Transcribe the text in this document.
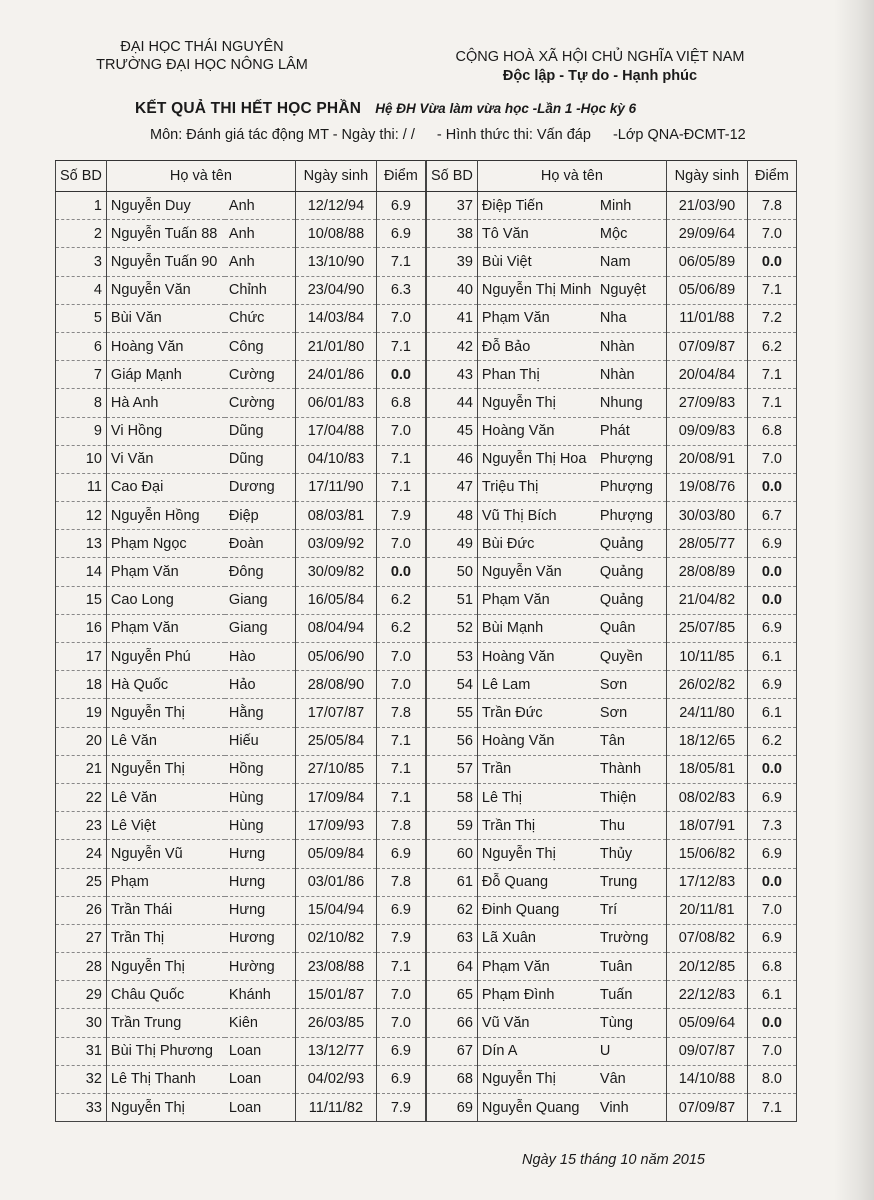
ĐẠI HỌC THÁI NGUYÊN
TRƯỜNG ĐẠI HỌC NÔNG LÂM	CỘNG HOÀ XÃ HỘI CHỦ NGHĨA VIỆT NAM
Độc lập - Tự do - Hạnh phúc
KẾT QUẢ THI HẾT HỌC PHẦN Hệ ĐH Vừa làm vừa học -Lần 1 -Học kỳ 6
Môn: Đánh giá tác động MT - Ngày thi: / / - Hình thức thi: Vấn đáp -Lớp QNA-ĐCMT-12
Số BD	Họ và tên		Ngày sinh	Điểm
1	Nguyễn Duy	Anh	12/12/94	6.9
2	Nguyễn Tuấn 88	Anh	10/08/88	6.9
3	Nguyễn Tuấn 90	Anh	13/10/90	7.1
4	Nguyễn Văn	Chỉnh	23/04/90	6.3
5	Bùi Văn	Chức	14/03/84	7.0
6	Hoàng Văn	Công	21/01/80	7.1
7	Giáp Mạnh	Cường	24/01/86	0.0
8	Hà Anh	Cường	06/01/83	6.8
9	Vi Hồng	Dũng	17/04/88	7.0
10	Vi Văn	Dũng	04/10/83	7.1
11	Cao Đại	Dương	17/11/90	7.1
12	Nguyễn Hồng	Điệp	08/03/81	7.9
13	Phạm Ngọc	Đoàn	03/09/92	7.0
14	Phạm Văn	Đông	30/09/82	0.0
15	Cao Long	Giang	16/05/84	6.2
16	Phạm Văn	Giang	08/04/94	6.2
17	Nguyễn Phú	Hào	05/06/90	7.0
18	Hà Quốc	Hảo	28/08/90	7.0
19	Nguyễn Thị	Hằng	17/07/87	7.8
20	Lê Văn	Hiếu	25/05/84	7.1
21	Nguyễn Thị	Hồng	27/10/85	7.1
22	Lê Văn	Hùng	17/09/84	7.1
23	Lê Việt	Hùng	17/09/93	7.8
24	Nguyễn Vũ	Hưng	05/09/84	6.9
25	Phạm	Hưng	03/01/86	7.8
26	Trần Thái	Hưng	15/04/94	6.9
27	Trần Thị	Hương	02/10/82	7.9
28	Nguyễn Thị	Hường	23/08/88	7.1
29	Châu Quốc	Khánh	15/01/87	7.0
30	Trần Trung	Kiên	26/03/85	7.0
31	Bùi Thị Phương	Loan	13/12/77	6.9
32	Lê Thị Thanh	Loan	04/02/93	6.9
33	Nguyễn Thị	Loan	11/11/82	7.9
Số BD	Họ và tên		Ngày sinh	Điểm
37	Điệp Tiến	Minh	21/03/90	7.8
38	Tô Văn	Mộc	29/09/64	7.0
39	Bùi Việt	Nam	06/05/89	0.0
40	Nguyễn Thị Minh	Nguyệt	05/06/89	7.1
41	Phạm Văn	Nha	11/01/88	7.2
42	Đỗ Bảo	Nhàn	07/09/87	6.2
43	Phan Thị	Nhàn	20/04/84	7.1
44	Nguyễn Thị	Nhung	27/09/83	7.1
45	Hoàng Văn	Phát	09/09/83	6.8
46	Nguyễn Thị Hoa	Phượng	20/08/91	7.0
47	Triệu Thị	Phượng	19/08/76	0.0
48	Vũ Thị Bích	Phượng	30/03/80	6.7
49	Bùi Đức	Quảng	28/05/77	6.9
50	Nguyễn Văn	Quảng	28/08/89	0.0
51	Phạm Văn	Quảng	21/04/82	0.0
52	Bùi Mạnh	Quân	25/07/85	6.9
53	Hoàng Văn	Quyền	10/11/85	6.1
54	Lê Lam	Sơn	26/02/82	6.9
55	Trần Đức	Sơn	24/11/80	6.1
56	Hoàng Văn	Tân	18/12/65	6.2
57	Trần	Thành	18/05/81	0.0
58	Lê Thị	Thiện	08/02/83	6.9
59	Trần Thị	Thu	18/07/91	7.3
60	Nguyễn Thị	Thủy	15/06/82	6.9
61	Đỗ Quang	Trung	17/12/83	0.0
62	Đinh Quang	Trí	20/11/81	7.0
63	Lã Xuân	Trường	07/08/82	6.9
64	Phạm Văn	Tuân	20/12/85	6.8
65	Phạm Đình	Tuấn	22/12/83	6.1
66	Vũ Văn	Tùng	05/09/64	0.0
67	Dín A	U	09/07/87	7.0
68	Nguyễn Thị	Vân	14/10/88	8.0
69	Nguyễn Quang	Vinh	07/09/87	7.1
Ngày 15 tháng 10 năm 2015
